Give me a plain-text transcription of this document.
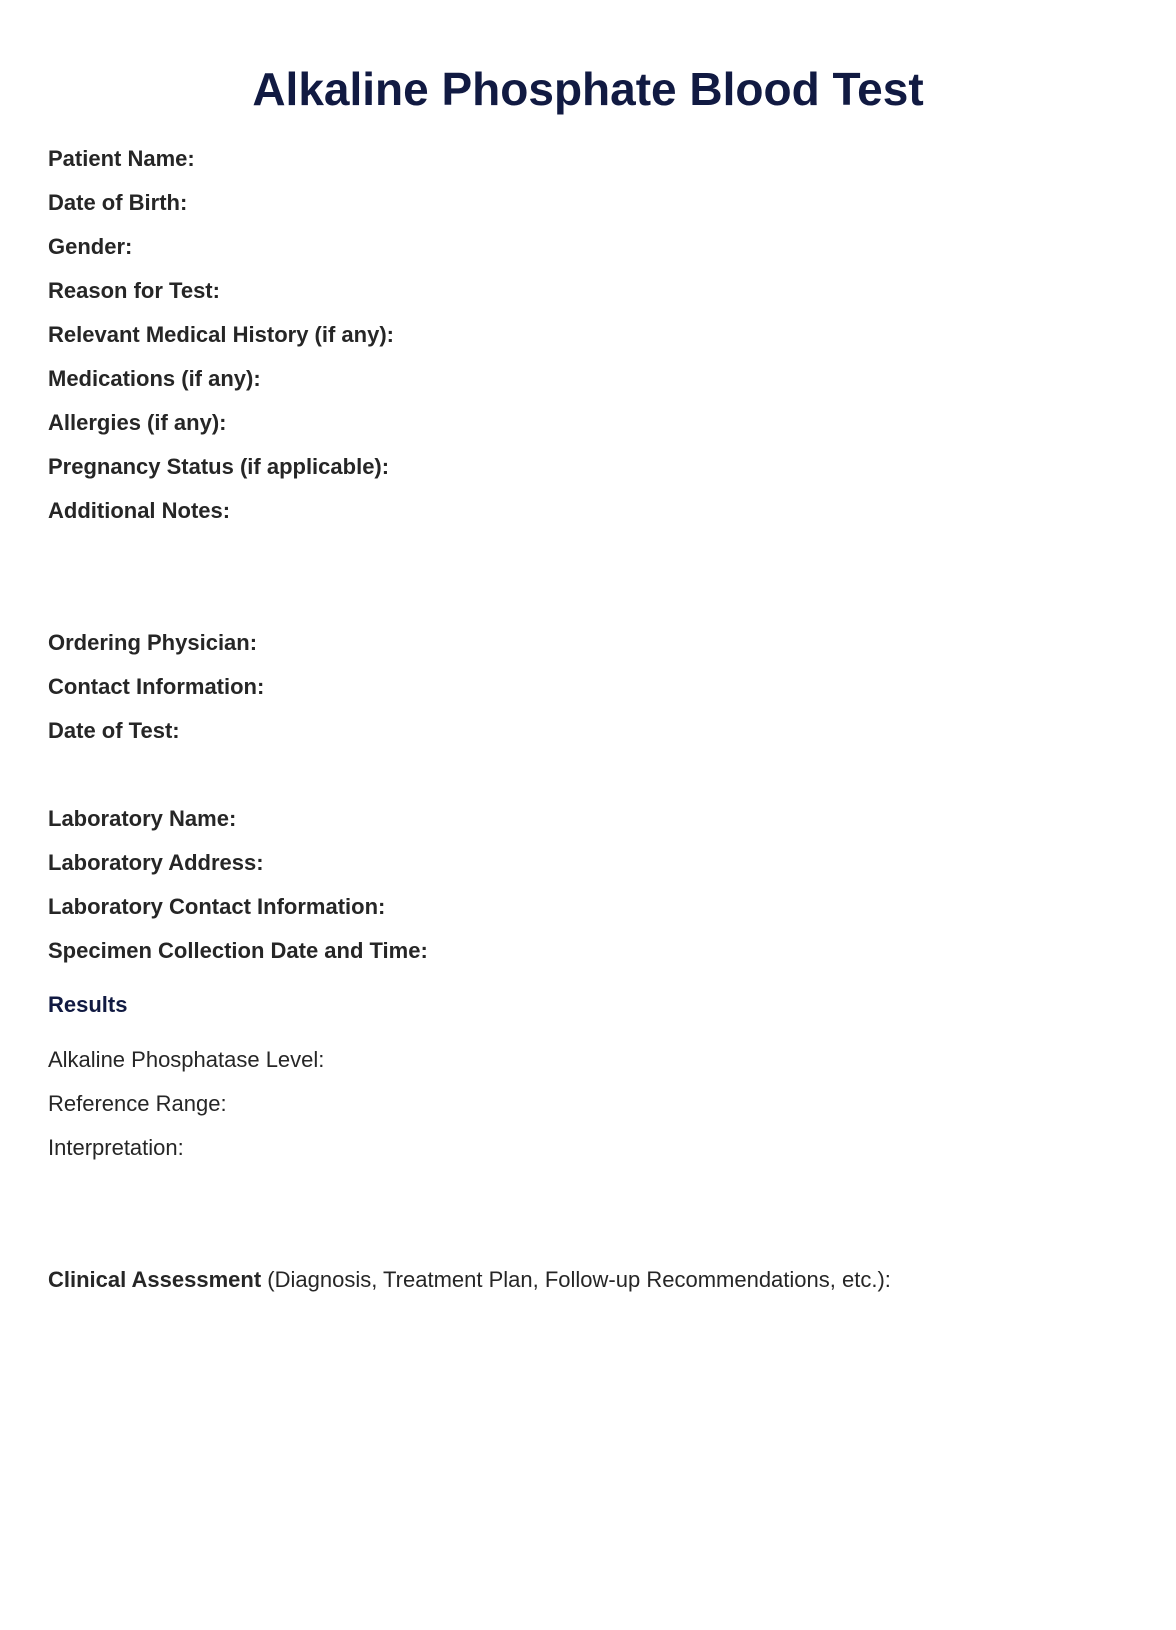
Alkaline Phosphate Blood Test
Patient Name:
Date of Birth:
Gender:
Reason for Test:
Relevant Medical History (if any):
Medications (if any):
Allergies (if any):
Pregnancy Status (if applicable):
Additional Notes:
Ordering Physician:
Contact Information:
Date of Test:
Laboratory Name:
Laboratory Address:
Laboratory Contact Information:
Specimen Collection Date and Time:
Results
Alkaline Phosphatase Level:
Reference Range:
Interpretation:
Clinical Assessment (Diagnosis, Treatment Plan, Follow-up Recommendations, etc.):
